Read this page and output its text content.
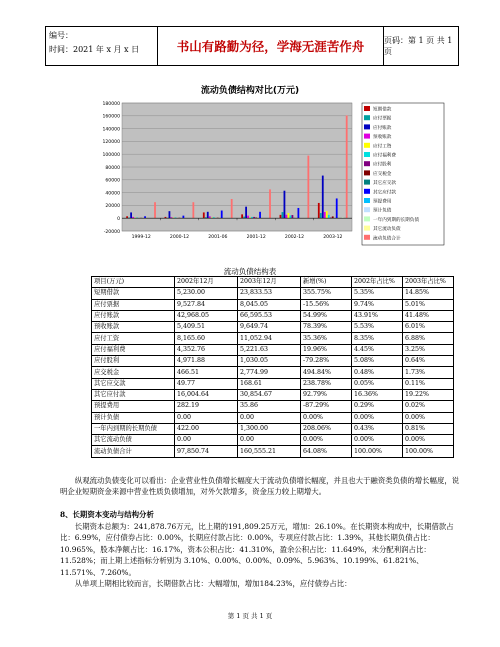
编号：
时间：2021 年 x 月 x 日	书山有路勤为径，学海无涯苦作舟	页码：第 1 页 共 1 页
流动负债结构对比(万元)
180000
160000
140000
120000
100000
80000
60000
40000
20000
0
-20000
1999-12	2000-12	2001-06	2001-12	2002-12	2003-12
短期借款
应付票据
应付账款
预收账款
应付工资
应付福利费
应付股利
应交税金
其它应交款
其它应付款
预提费用
预计负债
一年内到期的长期负债
其它流动负债
流动负债合计
流动负债结构表
项目(万元)	2002年12月	2003年12月	新增(%)	2002年占比%	2003年占比%
短期借款	5,230.00	23,833.53	355.75%	5.35%	14.85%
应付票据	9,527.84	8,045.05	-15.56%	9.74%	5.01%
应付账款	42,968.05	66,595.53	54.99%	43.91%	41.48%
预收账款	5,409.51	9,649.74	78.39%	5.53%	6.01%
应付工资	8,165.60	11,052.94	35.36%	8.35%	6.88%
应付福利费	4,352.76	5,221.63	19.96%	4.45%	3.25%
应付股利	4,971.88	1,030.05	-79.28%	5.08%	0.64%
应交税金	466.51	2,774.99	494.84%	0.48%	1.73%
其它应交款	49.77	168.61	238.78%	0.05%	0.11%
其它应付款	16,004.64	30,854.67	92.79%	16.36%	19.22%
预提费用	282.19	35.86	-87.29%	0.29%	0.02%
预计负债	0.00	0.00	0.00%	0.00%	0.00%
一年内到期的长期负债	422.00	1,300.00	208.06%	0.43%	0.81%
其它流动负债	0.00	0.00	0.00%	0.00%	0.00%
流动负债合计	97,850.74	160,555.21	64.08%	100.00%	100.00%
纵观流动负债变化可以看出：企业营业性负债增长幅度大于流动负债增长幅度，并且也大于融资类负债的增长幅度，说明企业短期资金来源中营业性质负债增加，对外欠款增多，资金压力较上期增大。
8、长期资本变动与结构分析
长期资本总额为：241,878.76万元，比上期的191,809.25万元，增加：26.10%。在长期资本构成中，长期借款占比：6.99%，应付债券占比：0.00%，长期应付款占比：0.00%，专项应付款占比：1.39%，其他长期负债占比：10.965%，股本净额占比：16.17%，资本公积占比：41.310%，盈余公积占比：11.649%，未分配利润占比：11.528%；而上期上述指标分析别为 3.10%、0.00%、0.00%、0.09%、5.963%、10.199%、61.821%、11.571%、7.260%。
从单项上期相比较而言，长期借款占比：大幅增加，增加184.23%，应付债券占比：
第 1 页 共 1 页
